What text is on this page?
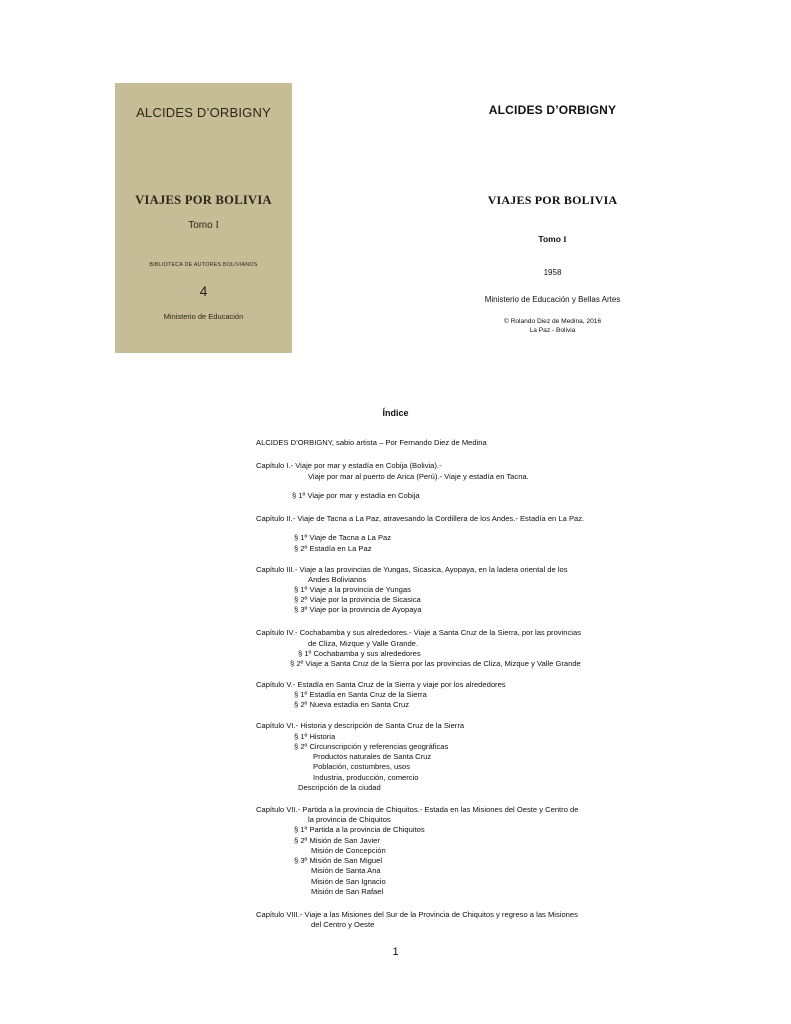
ALCIDES D’ORBIGNY
VIAJES POR BOLIVIA
Tomo I
BIBLIOTECA DE AUTORES BOLIVIANOS
4
Ministerio de Educación
ALCIDES D’ORBIGNY
VIAJES POR BOLIVIA
Tomo I
1958
Ministerio de Educación y Bellas Artes
© Rolando Diez de Medina, 2016
La Paz - Bolivia
Índice
ALCIDES D’ORBIGNY, sabio artista – Por Fernando Diez de Medina
Capítulo I.- Viaje por mar y estadía en Cobija (Bolivia).-
Viaje por mar al puerto de Arica (Perú).- Viaje y estadía en Tacna.
§ 1º Viaje por mar y estadía en Cobija
Capítulo II.- Viaje de Tacna a La Paz, atravesando la Cordillera de los Andes.- Estadía en La Paz.
§ 1º Viaje de Tacna a La Paz
§ 2º Estadía en La Paz
Capítulo III.- Viaje a las provincias de Yungas, Sicasica, Ayopaya, en la ladera oriental de los
Andes Bolivianos
§ 1º Viaje a la provincia de Yungas
§ 2º Viaje por la provincia de Sicasica
§ 3º Viaje por la provincia de Ayopaya
Capítulo IV.- Cochabamba y sus alrededores.- Viaje a Santa Cruz de la Sierra, por las provincias
de Cliza, Mizque y Valle Grande.
§ 1º Cochabamba y sus alrededores
§ 2º Viaje a Santa Cruz de la Sierra por las provincias de Cliza, Mizque y Valle Grande
Capítulo V.- Estadía en Santa Cruz de la Sierra y viaje por los alrededores
§ 1º Estadía en Santa Cruz de la Sierra
§ 2º Nueva estadía en Santa Cruz
Capítulo VI.- Historia y descripción de Santa Cruz de la Sierra
§ 1º Historia
§ 2º Circunscripción y referencias geográficas
Productos naturales de Santa Cruz
Población, costumbres, usos
Industria, producción, comercio
Descripción de la ciudad
Capítulo VII.- Partida a la provincia de Chiquitos.- Estada en las Misiones del Oeste y Centro de
la provincia de Chiquitos
§ 1º Partida a la provincia de Chiquitos
§ 2º Misión de San Javier
Misión de Concepción
§ 3º Misión de San Miguel
Misión de Santa Ana
Misión de San Ignacio
Misión de San Rafael
Capítulo VIII.- Viaje a las Misiones del Sur de la Provincia de Chiquitos y regreso a las Misiones
del Centro y Oeste
1
